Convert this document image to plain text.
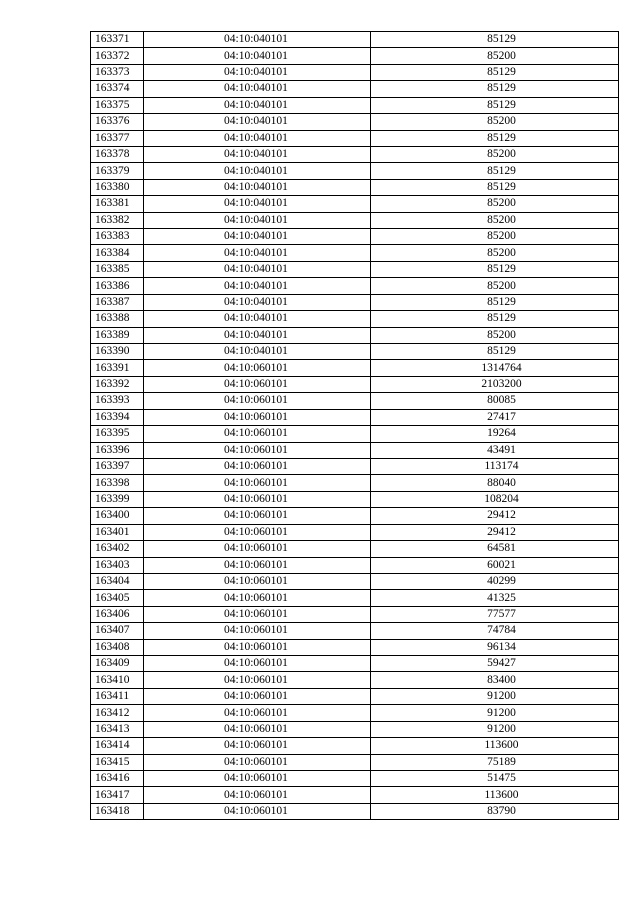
163371	04:10:040101	85129
163372	04:10:040101	85200
163373	04:10:040101	85129
163374	04:10:040101	85129
163375	04:10:040101	85129
163376	04:10:040101	85200
163377	04:10:040101	85129
163378	04:10:040101	85200
163379	04:10:040101	85129
163380	04:10:040101	85129
163381	04:10:040101	85200
163382	04:10:040101	85200
163383	04:10:040101	85200
163384	04:10:040101	85200
163385	04:10:040101	85129
163386	04:10:040101	85200
163387	04:10:040101	85129
163388	04:10:040101	85129
163389	04:10:040101	85200
163390	04:10:040101	85129
163391	04:10:060101	1314764
163392	04:10:060101	2103200
163393	04:10:060101	80085
163394	04:10:060101	27417
163395	04:10:060101	19264
163396	04:10:060101	43491
163397	04:10:060101	113174
163398	04:10:060101	88040
163399	04:10:060101	108204
163400	04:10:060101	29412
163401	04:10:060101	29412
163402	04:10:060101	64581
163403	04:10:060101	60021
163404	04:10:060101	40299
163405	04:10:060101	41325
163406	04:10:060101	77577
163407	04:10:060101	74784
163408	04:10:060101	96134
163409	04:10:060101	59427
163410	04:10:060101	83400
163411	04:10:060101	91200
163412	04:10:060101	91200
163413	04:10:060101	91200
163414	04:10:060101	113600
163415	04:10:060101	75189
163416	04:10:060101	51475
163417	04:10:060101	113600
163418	04:10:060101	83790
